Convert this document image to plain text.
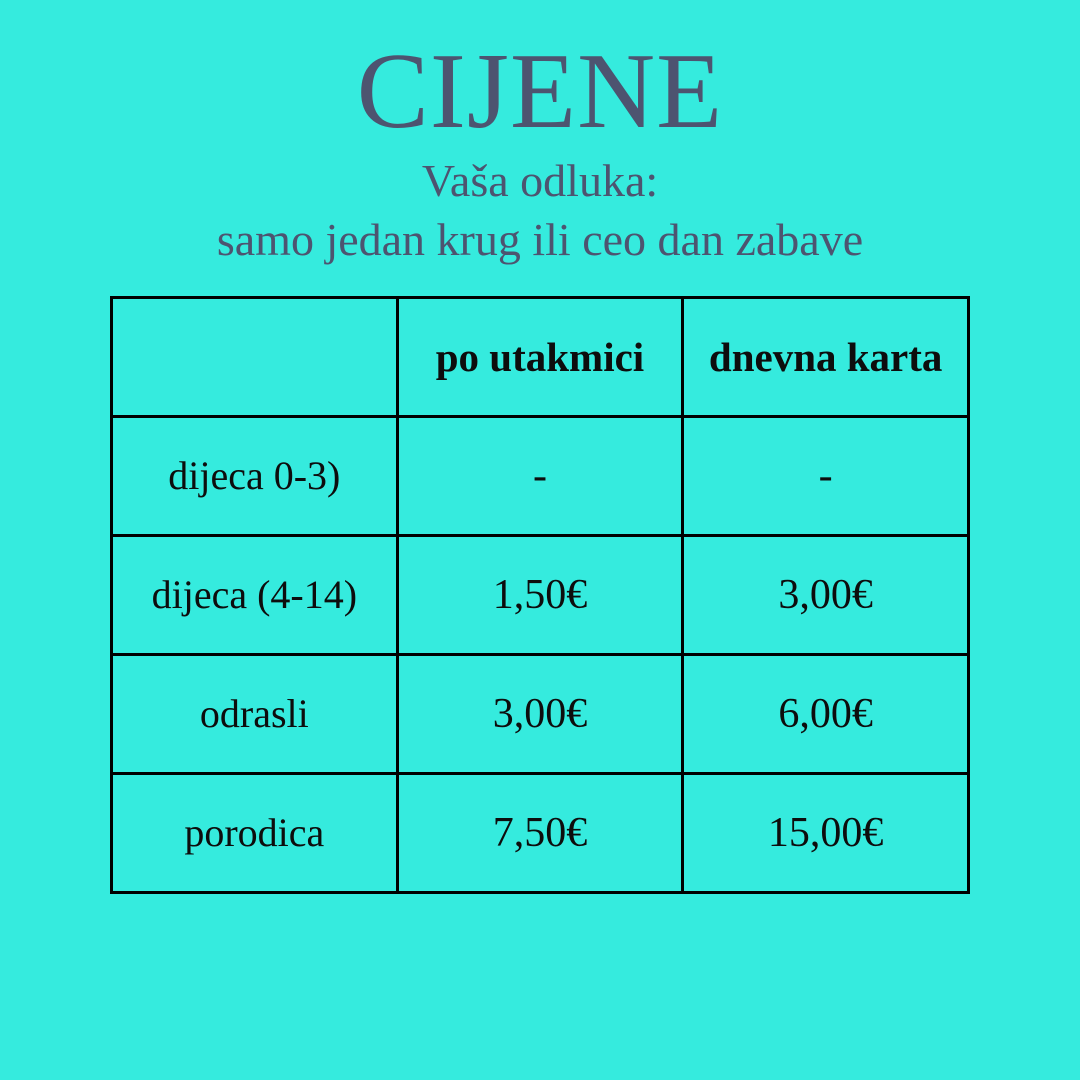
CIJENE
Vaša odluka:
samo jedan krug ili ceo dan zabave
	po utakmici	dnevna karta
dijeca 0-3)	-	-
dijeca (4-14)	1,50€	3,00€
odrasli	3,00€	6,00€
porodica	7,50€	15,00€
